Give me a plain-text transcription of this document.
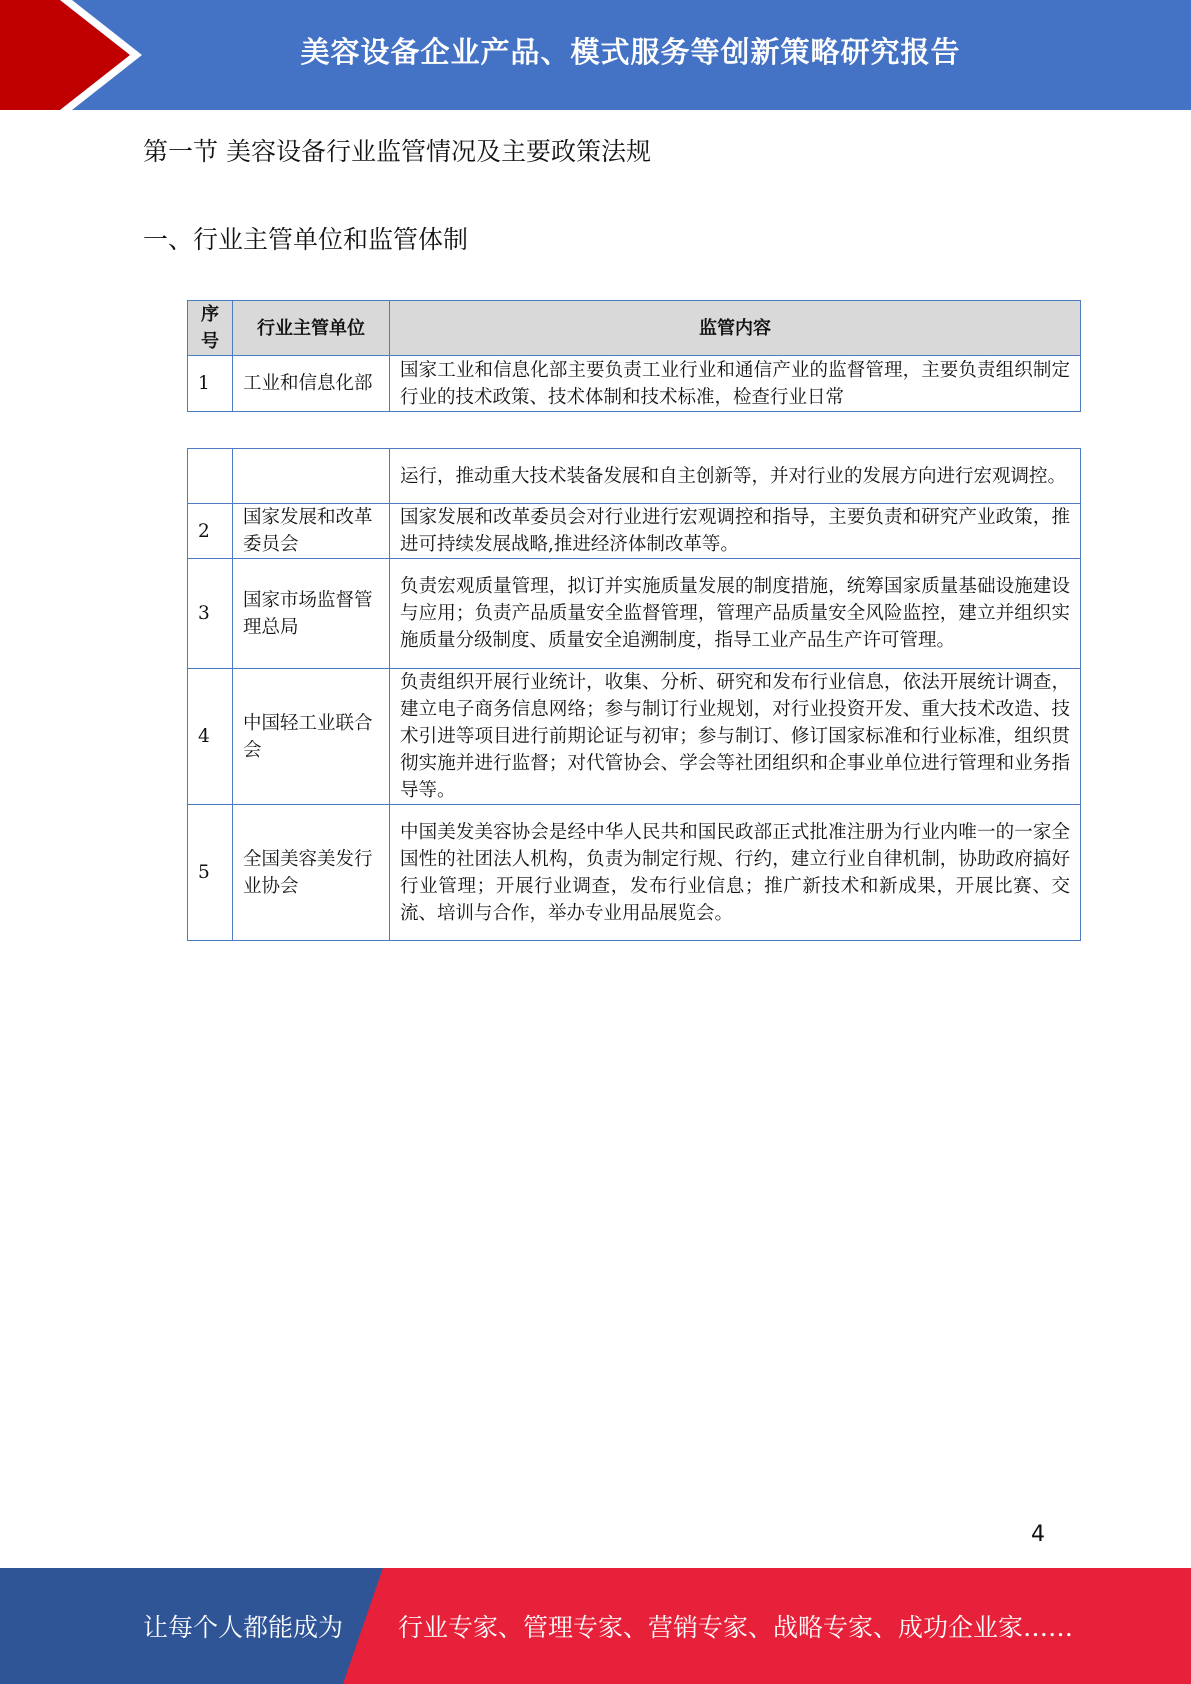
美容设备企业产品、模式服务等创新策略研究报告
第一节 美容设备行业监管情况及主要政策法规
一、行业主管单位和监管体制
序号	行业主管单位	监管内容
1	工业和信息化部	国家工业和信息化部主要负责工业行业和通信产业的监督管理，主要负责组织制定行业的技术政策、技术体制和技术标准，检查行业日常
		运行，推动重大技术装备发展和自主创新等，并对行业的发展方向进行宏观调控。
2	国家发展和改革委员会	国家发展和改革委员会对行业进行宏观调控和指导，主要负责和研究产业政策，推进可持续发展战略,推进经济体制改革等。
3	国家市场监督管理总局	负责宏观质量管理，拟订并实施质量发展的制度措施，统筹国家质量基础设施建设与应用；负责产品质量安全监督管理，管理产品质量安全风险监控，建立并组织实施质量分级制度、质量安全追溯制度，指导工业产品生产许可管理。
4	中国轻工业联合会	负责组织开展行业统计，收集、分析、研究和发布行业信息，依法开展统计调查，建立电子商务信息网络；参与制订行业规划，对行业投资开发、重大技术改造、技术引进等项目进行前期论证与初审；参与制订、修订国家标准和行业标准，组织贯彻实施并进行监督；对代管协会、学会等社团组织和企事业单位进行管理和业务指导等。
5	全国美容美发行业协会	中国美发美容协会是经中华人民共和国民政部正式批准注册为行业内唯一的一家全国性的社团法人机构，负责为制定行规、行约，建立行业自律机制，协助政府搞好行业管理；开展行业调查，发布行业信息；推广新技术和新成果，开展比赛、交流、培训与合作，举办专业用品展览会。
4
让每个人都能成为 行业专家、管理专家、营销专家、战略专家、成功企业家……
